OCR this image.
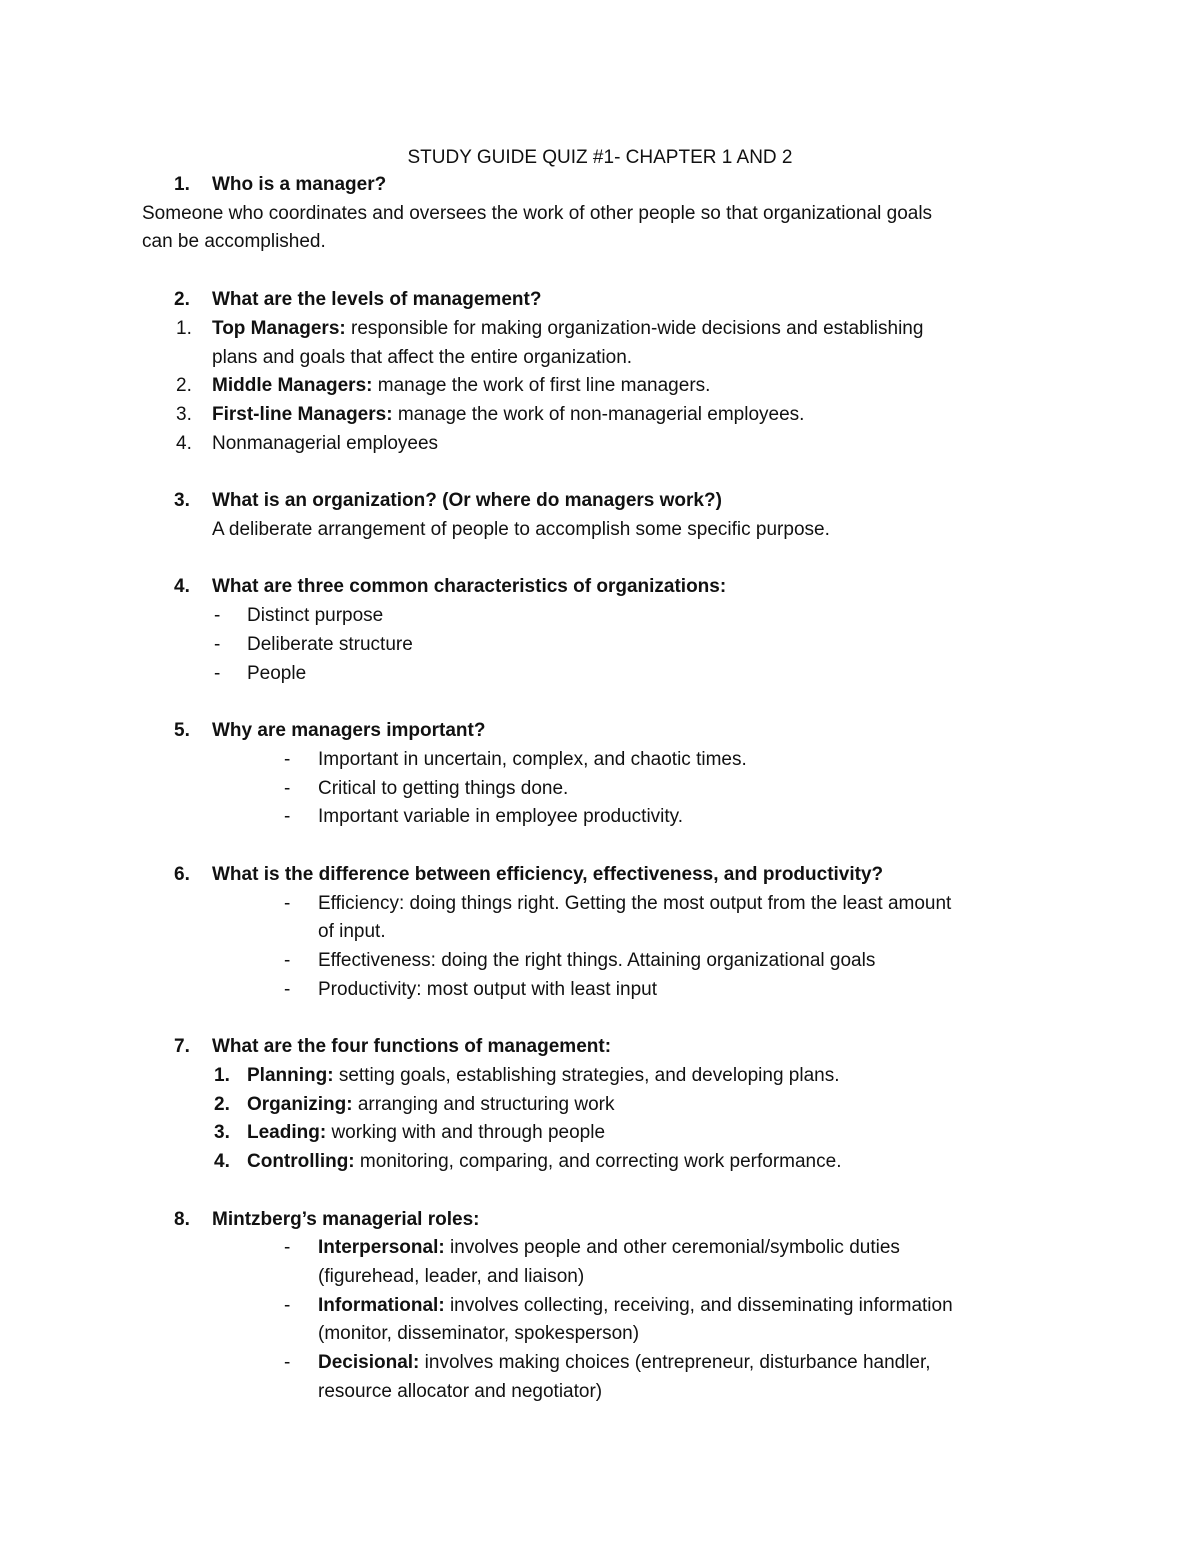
STUDY GUIDE QUIZ #1- CHAPTER 1 AND 2
1. Who is a manager?
Someone who coordinates and oversees the work of other people so that organizational goals
can be accomplished.
2. What are the levels of management?
1. Top Managers: responsible for making organization-wide decisions and establishing
plans and goals that affect the entire organization.
2. Middle Managers: manage the work of first line managers.
3. First-line Managers: manage the work of non-managerial employees.
4. Nonmanagerial employees
3. What is an organization? (Or where do managers work?)
A deliberate arrangement of people to accomplish some specific purpose.
4. What are three common characteristics of organizations:
- Distinct purpose
- Deliberate structure
- People
5. Why are managers important?
- Important in uncertain, complex, and chaotic times.
- Critical to getting things done.
- Important variable in employee productivity.
6. What is the difference between efficiency, effectiveness, and productivity?
- Efficiency: doing things right. Getting the most output from the least amount
of input.
- Effectiveness: doing the right things. Attaining organizational goals
- Productivity: most output with least input
7. What are the four functions of management:
1. Planning: setting goals, establishing strategies, and developing plans.
2. Organizing: arranging and structuring work
3. Leading: working with and through people
4. Controlling: monitoring, comparing, and correcting work performance.
8. Mintzberg’s managerial roles:
- Interpersonal: involves people and other ceremonial/symbolic duties
(figurehead, leader, and liaison)
- Informational: involves collecting, receiving, and disseminating information
(monitor, disseminator, spokesperson)
- Decisional: involves making choices (entrepreneur, disturbance handler,
resource allocator and negotiator)
